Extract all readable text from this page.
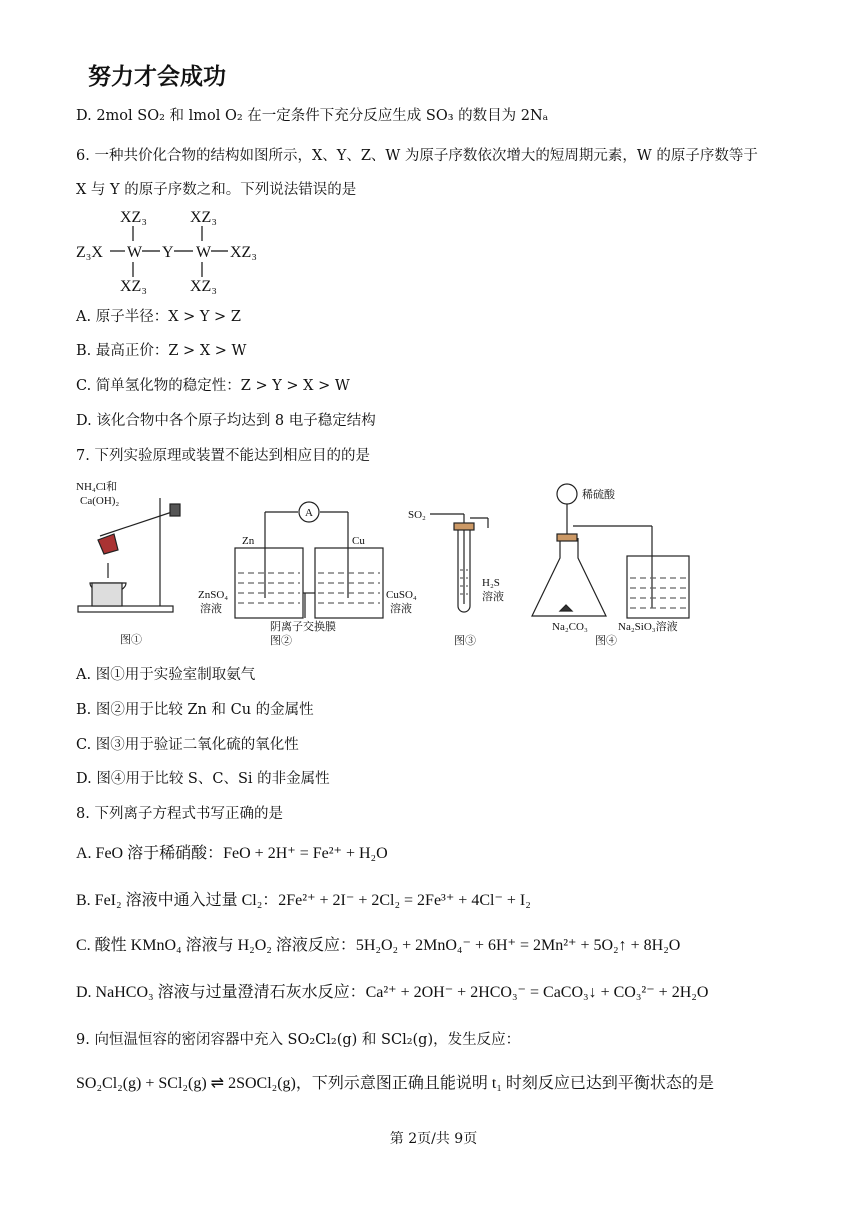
努力才会成功
D. 2mol SO₂ 和 lmol O₂ 在一定条件下充分反应生成 SO₃ 的数目为 2Nₐ
6. 一种共价化合物的结构如图所示，X、Y、Z、W 为原子序数依次增大的短周期元素，W 的原子序数等于
X 与 Y 的原子序数之和。下列说法错误的是
XZ₃	XZ₃
Z₃X W Y W XZ₃
XZ₃	XZ₃
A. 原子半径：X > Y > Z
B. 最高正价：Z > X > W
C. 简单氢化物的稳定性：Z > Y > X > W
D. 该化合物中各个原子均达到 8 电子稳定结构
7. 下列实验原理或装置不能达到相应目的的是
NH₄Cl和
Ca(OH)₂
图①
A
Zn	Cu
ZnSO₄
溶液
CuSO₄
溶液
阴离子交换膜
图②
SO₂
H₂S
溶液
图③
稀硫酸
Na₂CO₃	Na₂SiO₃溶液
图④
A. 图①用于实验室制取氨气
B. 图②用于比较 Zn 和 Cu 的金属性
C. 图③用于验证二氧化硫的氧化性
D. 图④用于比较 S、C、Si 的非金属性
8. 下列离子方程式书写正确的是
A. FeO 溶于稀硝酸：FeO + 2H⁺ = Fe²⁺ + H₂O
B. FeI₂ 溶液中通入过量 Cl₂：2Fe²⁺ + 2I⁻ + 2Cl₂ = 2Fe³⁺ + 4Cl⁻ + I₂
C. 酸性 KMnO₄ 溶液与 H₂O₂ 溶液反应：5H₂O₂ + 2MnO₄⁻ + 6H⁺ = 2Mn²⁺ + 5O₂↑ + 8H₂O
D. NaHCO₃ 溶液与过量澄清石灰水反应：Ca²⁺ + 2OH⁻ + 2HCO₃⁻ = CaCO₃↓ + CO₃²⁻ + 2H₂O
9. 向恒温恒容的密闭容器中充入 SO₂Cl₂(g) 和 SCl₂(g)，发生反应：
SO₂Cl₂(g) + SCl₂(g) ⇌ 2SOCl₂(g)，下列示意图正确且能说明 t₁ 时刻反应已达到平衡状态的是
第 2页/共 9页
